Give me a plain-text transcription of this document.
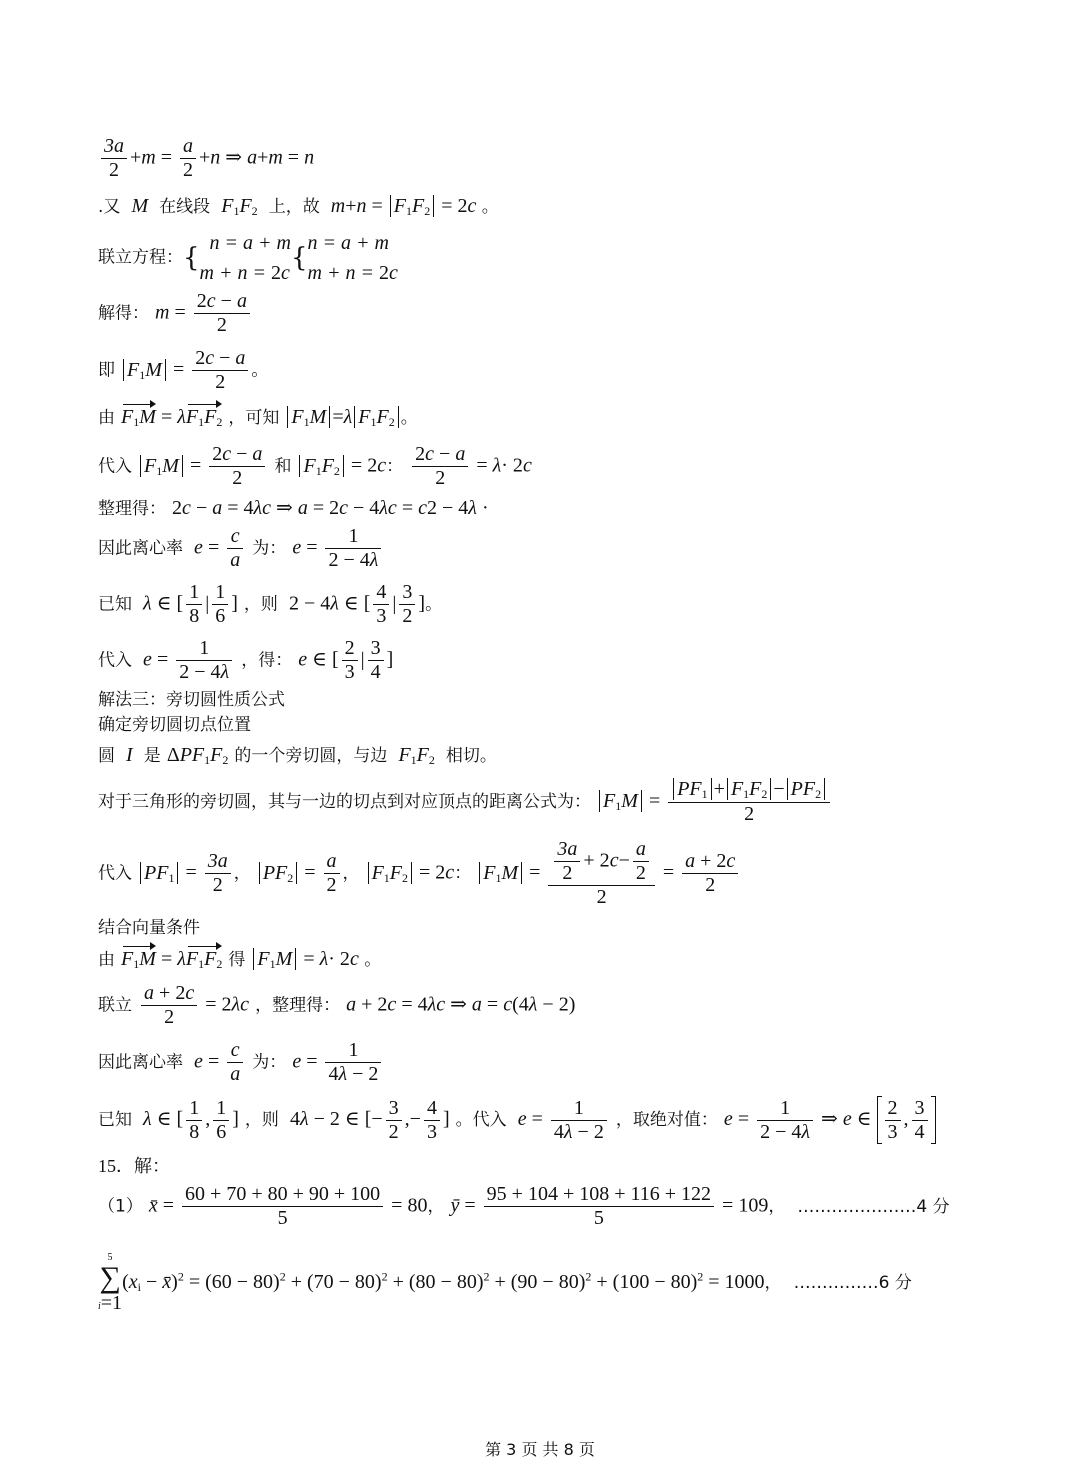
$\frac{3a}{2} +m = \frac{a}{2} +n$ ⇒ a+m = n
.又  M  在线段  $F_1F_2$ 上，故  $m+n = F_1F_2 = 2c$ 。
联立方程：{ n = a + m
m + n = 2c { n = a + m
m + n = 2c
解得： $m = \frac{2c - a}{2}$
即 $F_1M = \frac{2c - a}{2}$ 。
由 $F_1M = \lambda F_1F_2$ ，可知 $F_1M =\lambda$ $F_1F_2$ 。
代入 $F_1M = \frac{2c - a}{2}$ 和 $F_1F_2 = 2c$： $\frac{2c - a}{2} = \lambda\cdot 2c$
整理得： 2c − a = 4λc ⇒ a = 2c − 4λc = c2 − 4λ ·
因此离心率  $e = \frac{c}{a}$ 为： $e = \frac{1}{2 - 4\lambda}$
已知  λ ∈ [ $\frac{1}{8}$ | $\frac{1}{6}$ ] ，则  2 − 4λ ∈ [ $\frac{4}{3}$ | $\frac{3}{2}$ ]。
代入  $e = \frac{1}{2 - 4\lambda}$ ，得： e ∈ [ $\frac{2}{3}$ | $\frac{3}{4}$ ]
解法三：旁切圆性质公式
确定旁切圆切点位置
圆  I  是 $\Delta PF_1F_2$ 的一个旁切圆，与边  $F_1F_2$ 相切。
对于三角形的旁切圆，其与一边的切点到对应顶点的距离公式为： $F_1M = \frac{PF_1 + F_1F_2 - PF_2}{2}$
代入 $PF_1 = \frac{3a}{2}$ ， $PF_2 = \frac{a}{2}$ ， $F_1F_2 = 2c$： $F_1M = \frac{\frac{3a}{2} + 2c- \frac{a}{2}}{2} = \frac{a + 2c}{2}$
结合向量条件
由 $F_1M = \lambda F_1F_2$ 得 $F_1M = \lambda\cdot 2c$ 。
联立 $\frac{a + 2c}{2} = 2\lambda c$ ，整理得： a + 2c = 4λc ⇒ a = c(4λ − 2)
因此离心率  $e = \frac{c}{a}$ 为： $e = \frac{1}{4\lambda - 2}$
已知  λ ∈ [ $\frac{1}{8}$ , $\frac{1}{6}$ ] ，则  4λ − 2 ∈ [− $\frac{3}{2}$ ,− $\frac{4}{3}$ ] 。代入  $e = \frac{1}{4\lambda - 2}$ ，取绝对值： $e = \frac{1}{2 - 4\lambda}$ ⇒ e ∈ $\frac{2}{3}$ , $\frac{3}{4}$
15．解：
（1） x̄ = $\frac{60 + 70 + 80 + 90 + 100}{5} = 80$， ȳ = $\frac{95 + 104 + 108 + 116 + 122}{5} = 109$， …………………4 分
5
∑
i=1
($x_i$ − x̄)$^2$ = $(60 - 80)^2 + (70 - 80)^2 + (80 - 80)^2 + (90 - 80)^2 + (100 - 80)^2 = 1000$， ……………6 分
第 3 页 共 8 页
